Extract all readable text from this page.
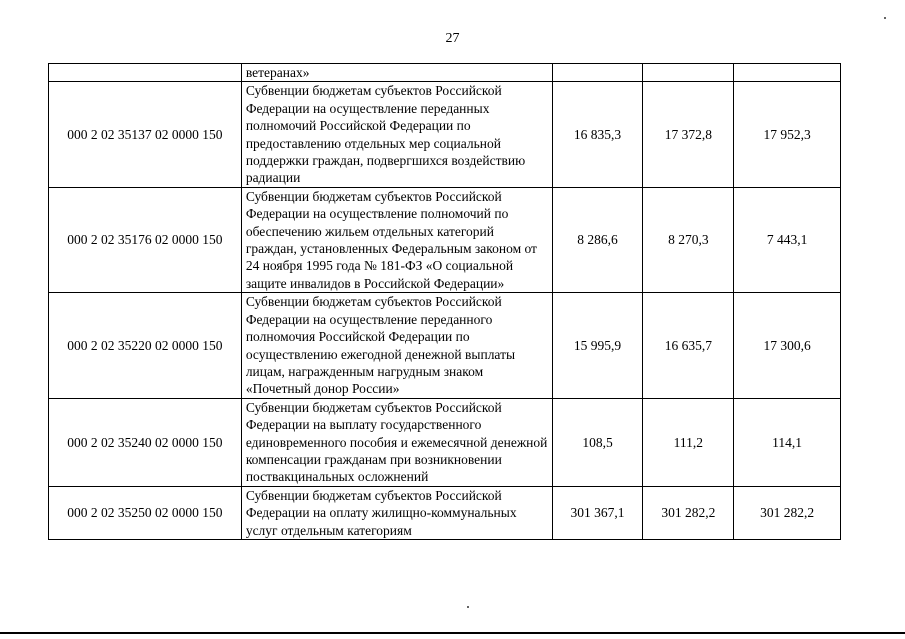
27
	ветеранах»			
000 2 02 35137 02 0000 150	Субвенции бюджетам субъектов Российской Федерации на осуществление переданных полномочий Российской Федерации по предоставлению отдельных мер социальной поддержки граждан, подвергшихся воздействию радиации	16 835,3	17 372,8	17 952,3
000 2 02 35176 02 0000 150	Субвенции бюджетам субъектов Российской Федерации на осуществление полномочий по обеспечению жильем отдельных категорий граждан, установленных Федеральным законом от 24 ноября 1995 года № 181-ФЗ «О социальной защите инвалидов в Российской Федерации»	8 286,6	8 270,3	7 443,1
000 2 02 35220 02 0000 150	Субвенции бюджетам субъектов Российской Федерации на осуществление переданного полномочия Российской Федерации по осуществлению ежегодной денежной выплаты лицам, награжденным нагрудным знаком «Почетный донор России»	15 995,9	16 635,7	17 300,6
000 2 02 35240 02 0000 150	Субвенции бюджетам субъектов Российской Федерации на выплату государственного единовременного пособия и ежемесячной денежной компенсации гражданам при возникновении поствакцинальных осложнений	108,5	111,2	114,1
000 2 02 35250 02 0000 150	Субвенции бюджетам субъектов Российской Федерации на оплату жилищно-коммунальных услуг отдельным категориям	301 367,1	301 282,2	301 282,2
